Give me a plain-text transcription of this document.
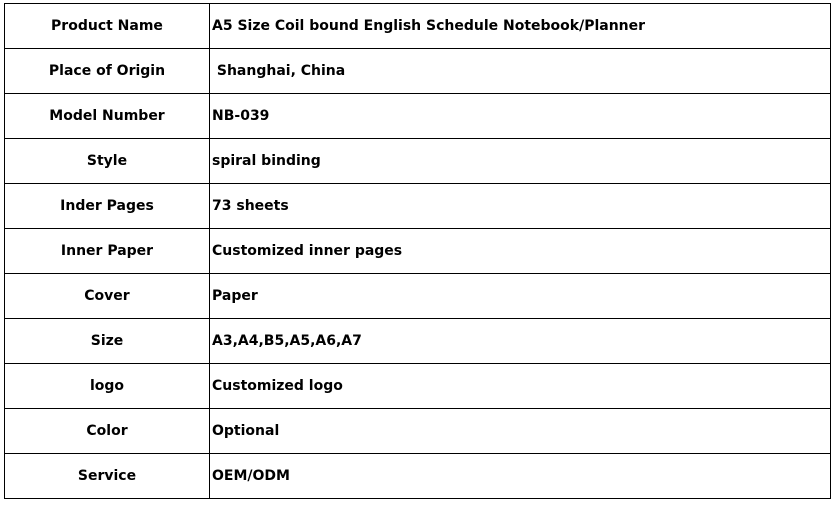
Product Name	A5 Size Coil bound English Schedule Notebook/Planner
Place of Origin	Shanghai, China
Model Number	NB-039
Style	spiral binding
Inder Pages	73 sheets
Inner Paper	Customized inner pages
Cover	Paper
Size	A3,A4,B5,A5,A6,A7
logo	Customized logo
Color	Optional
Service	OEM/ODM
